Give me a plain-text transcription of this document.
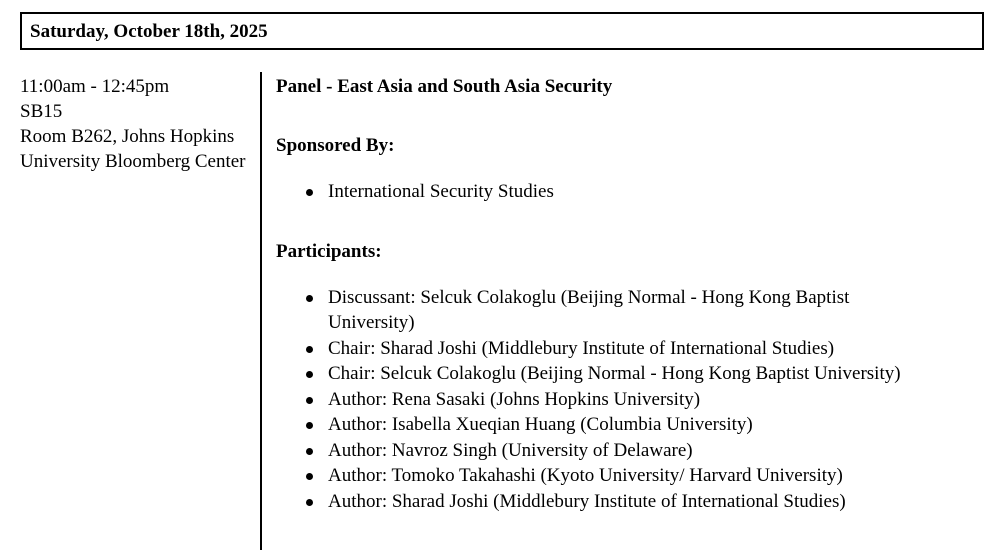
Saturday, October 18th, 2025
11:00am - 12:45pm
SB15
Room B262, Johns Hopkins
University Bloomberg Center

Panel - East Asia and South Asia Security

Sponsored By:

International Security Studies

Participants:

Discussant: Selcuk Colakoglu (Beijing Normal - Hong Kong Baptist University)
Chair: Sharad Joshi (Middlebury Institute of International Studies)
Chair: Selcuk Colakoglu (Beijing Normal - Hong Kong Baptist University)
Author: Rena Sasaki (Johns Hopkins University)
Author: Isabella Xueqian Huang (Columbia University)
Author: Navroz Singh (University of Delaware)
Author: Tomoko Takahashi (Kyoto University/ Harvard University)
Author: Sharad Joshi (Middlebury Institute of International Studies)
